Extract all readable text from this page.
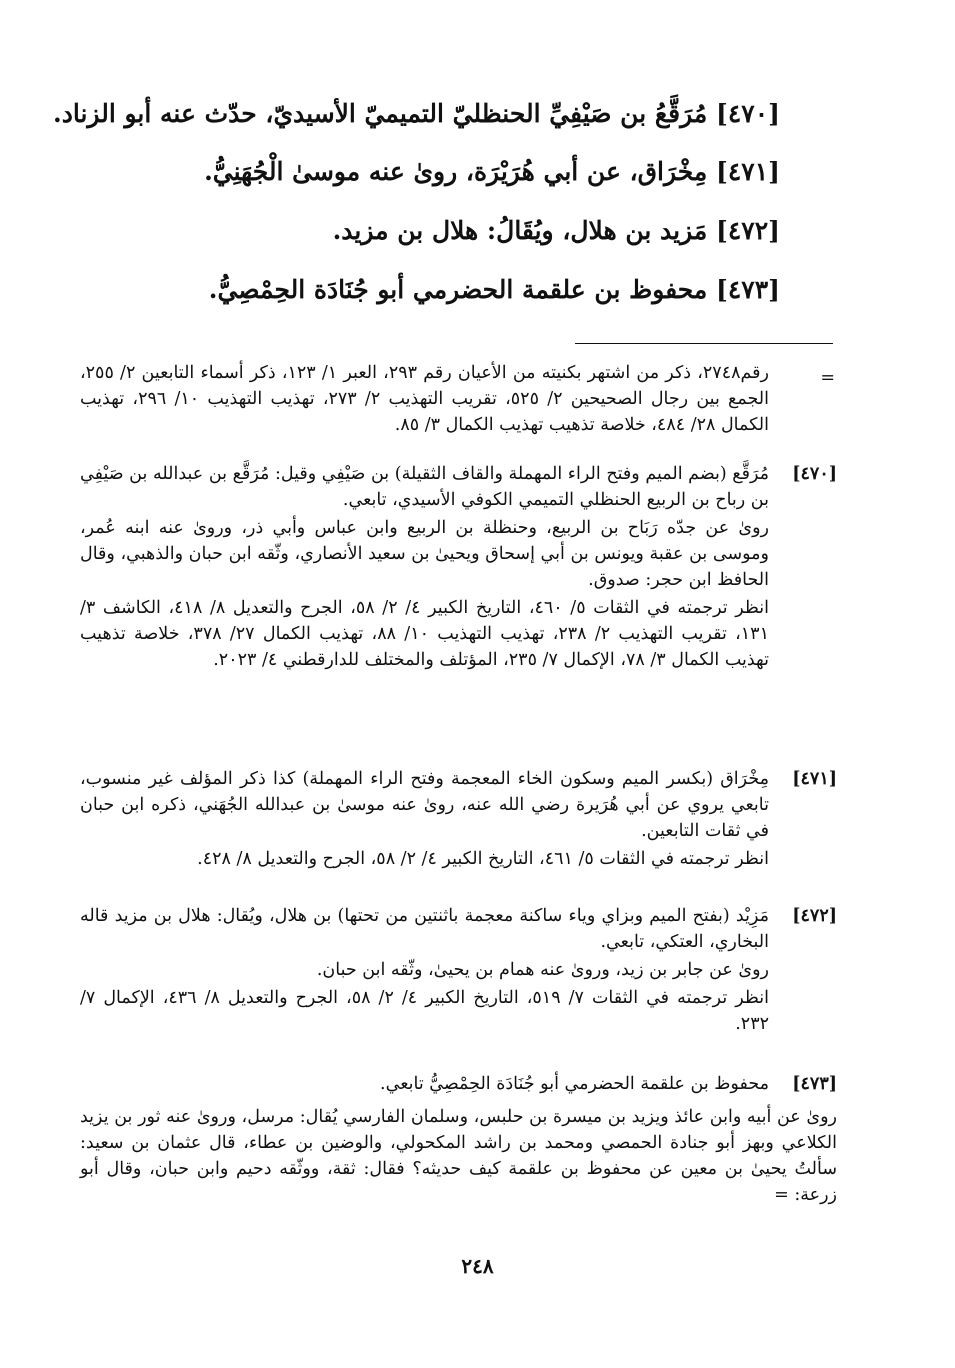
[٤٧٠] مُرَقَّعُ بن صَيْفِيِّ الحنظليّ التميميّ الأسيديّ، حدّث عنه أبو الزناد.
[٤٧١] مِخْرَاق، عن أبي هُرَيْرَة، روىٰ عنه موسىٰ الْجُهَنِيُّ.
[٤٧٢] مَزيد بن هلال، ويُقَالُ: هلال بن مزيد.
[٤٧٣] محفوظ بن علقمة الحضرمي أبو جُنَادَة الحِمْصِيُّ.
=

رقم٢٧٤٨، ذكر من اشتهر بكنيته من الأعيان رقم ٢٩٣، العبر ١/ ١٢٣، ذكر أسماء التابعين ٢/ ٢٥٥، الجمع بين رجال الصحيحين ٢/ ٥٢٥، تقريب التهذيب ٢/ ٢٧٣، تهذيب التهذيب ١٠/ ٢٩٦، تهذيب الكمال ٢٨/ ٤٨٤، خلاصة تذهيب تهذيب الكمال ٣/ ٨٥.

[٤٧٠]

مُرَقَّع (بضم الميم وفتح الراء المهملة والقاف الثقيلة) بن صَيْفِي وقيل: مُرَقَّع بن عبدالله بن صَيْفِي بن رباح بن الربيع الحنظلي التميمي الكوفي الأسيدي، تابعي.

روىٰ عن جدّه رَبَاح بن الربيع، وحنظلة بن الربيع وابن عباس وأبي ذر، وروىٰ عنه ابنه عُمر، وموسى بن عقبة ويونس بن أبي إسحاق ويحيىٰ بن سعيد الأنصاري، وثّقه ابن حبان والذهبي، وقال الحافظ ابن حجر: صدوق.

انظر ترجمته في الثقات ٥/ ٤٦٠، التاريخ الكبير ٤/ ٢/ ٥٨، الجرح والتعديل ٨/ ٤١٨، الكاشف ٣/ ١٣١، تقريب التهذيب ٢/ ٢٣٨، تهذيب التهذيب ١٠/ ٨٨، تهذيب الكمال ٢٧/ ٣٧٨، خلاصة تذهيب تهذيب الكمال ٣/ ٧٨، الإكمال ٧/ ٢٣٥، المؤتلف والمختلف للدارقطني ٤/ ٢٠٢٣.

[٤٧١]

مِخْرَاق (بكسر الميم وسكون الخاء المعجمة وفتح الراء المهملة) كذا ذكر المؤلف غير منسوب، تابعي يروي عن أبي هُرَيرة رضي الله عنه، روىٰ عنه موسىٰ بن عبدالله الجُهَني، ذكره ابن حبان في ثقات التابعين.

انظر ترجمته في الثقات ٥/ ٤٦١، التاريخ الكبير ٤/ ٢/ ٥٨، الجرح والتعديل ٨/ ٤٢٨.

[٤٧٢]

مَزِيْد (بفتح الميم وبزاي وياء ساكنة معجمة باثنتين من تحتها) بن هلال، ويُقال: هلال بن مزيد قاله البخاري، العتكي، تابعي.

روىٰ عن جابر بن زيد، وروىٰ عنه همام بن يحيىٰ، وثّقه ابن حبان.

انظر ترجمته في الثقات ٧/ ٥١٩، التاريخ الكبير ٤/ ٢/ ٥٨، الجرح والتعديل ٨/ ٤٣٦، الإكمال ٧/ ٢٣٢.

[٤٧٣]

محفوظ بن علقمة الحضرمي أبو جُنَادَة الحِمْصِيُّ تابعي.

روىٰ عن أبيه وابن عائذ ويزيد بن ميسرة بن حلبس، وسلمان الفارسي يُقال: مرسل، وروىٰ عنه ثور بن يزيد الكلاعي وبهز أبو جنادة الحمصي ومحمد بن راشد المكحولي، والوضين بن عطاء، قال عثمان بن سعيد: سألتُ يحيىٰ بن معين عن محفوظ بن علقمة كيف حديثه؟ فقال: ثقة، ووثّقه دحيم وابن حبان، وقال أبو زرعة: =

٢٤٨
